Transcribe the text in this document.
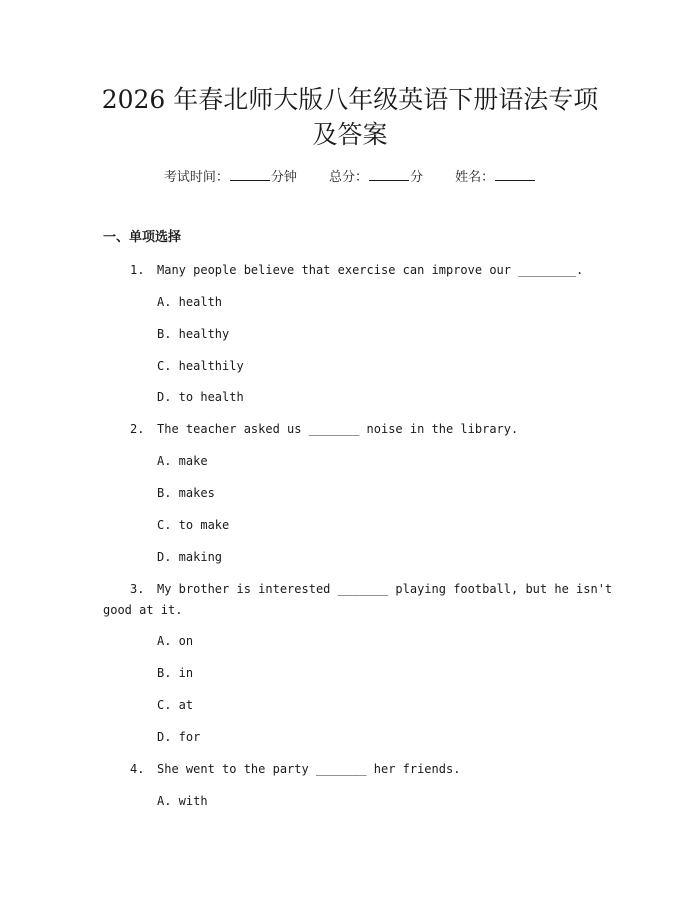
2026 年春北师大版八年级英语下册语法专项
及答案
考试时间：	分钟 总分：	分 姓名：
一、单项选择
1. Many people believe that exercise can improve our ________.
A. health
B. healthy
C. healthily
D. to health
2. The teacher asked us _______ noise in the library.
A. make
B. makes
C. to make
D. making
3. My brother is interested _______ playing football, but he isn't
good at it.
A. on
B. in
C. at
D. for
4. She went to the party _______ her friends.
A. with
